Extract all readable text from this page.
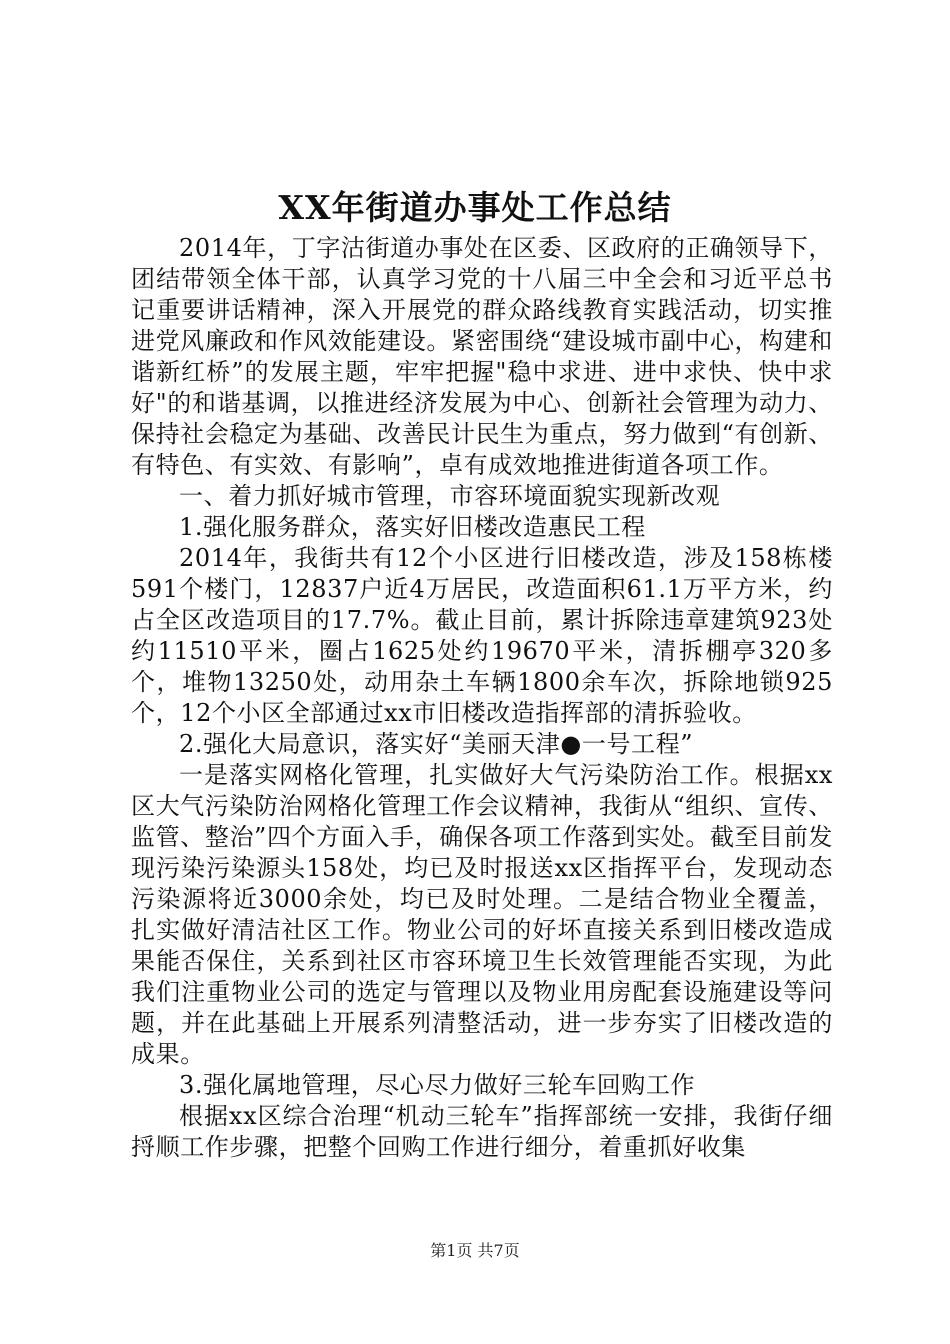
XX年街道办事处工作总结

2014年，丁字沽街道办事处在区委、区政府的正确领导下，团结带领全体干部，认真学习党的十八届三中全会和习近平总书记重要讲话精神，深入开展党的群众路线教育实践活动，切实推进党风廉政和作风效能建设。紧密围绕“建设城市副中心，构建和谐新红桥”的发展主题，牢牢把握"稳中求进、进中求快、快中求好"的和谐基调，以推进经济发展为中心、创新社会管理为动力、保持社会稳定为基础、改善民计民生为重点，努力做到“有创新、有特色、有实效、有影响”，卓有成效地推进街道各项工作。

一、着力抓好城市管理，市容环境面貌实现新改观

1.强化服务群众，落实好旧楼改造惠民工程

2014年，我街共有12个小区进行旧楼改造，涉及158栋楼591个楼门，12837户近4万居民，改造面积61.1万平方米，约占全区改造项目的17.7%。截止目前，累计拆除违章建筑923处约11510平米，圈占1625处约19670平米，清拆棚亭320多个，堆物13250处，动用杂土车辆1800余车次，拆除地锁925个，12个小区全部通过xx市旧楼改造指挥部的清拆验收。

2.强化大局意识，落实好“美丽天津●一号工程”

一是落实网格化管理，扎实做好大气污染防治工作。根据xx区大气污染防治网格化管理工作会议精神，我街从“组织、宣传、监管、整治”四个方面入手，确保各项工作落到实处。截至目前发现污染污染源头158处，均已及时报送xx区指挥平台，发现动态污染源将近3000余处，均已及时处理。二是结合物业全覆盖，扎实做好清洁社区工作。物业公司的好坏直接关系到旧楼改造成果能否保住，关系到社区市容环境卫生长效管理能否实现，为此我们注重物业公司的选定与管理以及物业用房配套设施建设等问题，并在此基础上开展系列清整活动，进一步夯实了旧楼改造的成果。

3.强化属地管理，尽心尽力做好三轮车回购工作

根据xx区综合治理“机动三轮车”指挥部统一安排，我街仔细捋顺工作步骤，把整个回购工作进行细分，着重抓好收集

第1页 共7页
